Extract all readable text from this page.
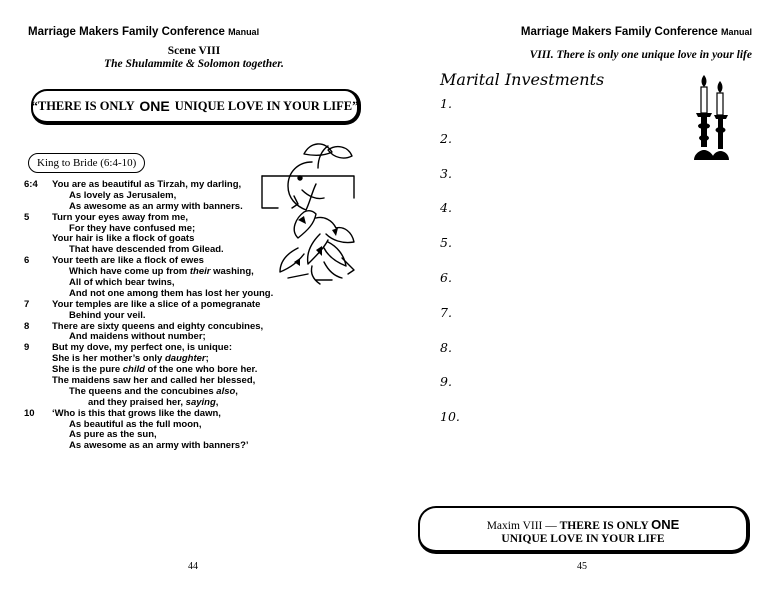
Marriage Makers Family Conference Manual
Scene VIII
The Shulammite & Solomon together.
“THERE IS ONLY ONE UNIQUE LOVE IN YOUR LIFE”
King to Bride (6:4-10)
6:4 You are as beautiful as Tirzah, my darling,
As lovely as Jerusalem,
As awesome as an army with banners.
5 Turn your eyes away from me,
For they have confused me;
Your hair is like a flock of goats
That have descended from Gilead.
6 Your teeth are like a flock of ewes
Which have come up from their washing,
All of which bear twins,
And not one among them has lost her young.
7 Your temples are like a slice of a pomegranate
Behind your veil.
8 There are sixty queens and eighty concubines,
And maidens without number;
9 But my dove, my perfect one, is unique:
She is her mother’s only daughter;
She is the pure child of the one who bore her.
The maidens saw her and called her blessed,
The queens and the concubines also,
and they praised her, saying,
10 ‘Who is this that grows like the dawn,
As beautiful as the full moon,
As pure as the sun,
As awesome as an army with banners?’
44
Marriage Makers Family Conference Manual
VIII. There is only one unique love in your life
Marital Investments
1.
2.
3.
4.
5.
6.
7.
8.
9.
10.
Maxim VIII — THERE IS ONLY ONE
UNIQUE LOVE IN YOUR LIFE
45
